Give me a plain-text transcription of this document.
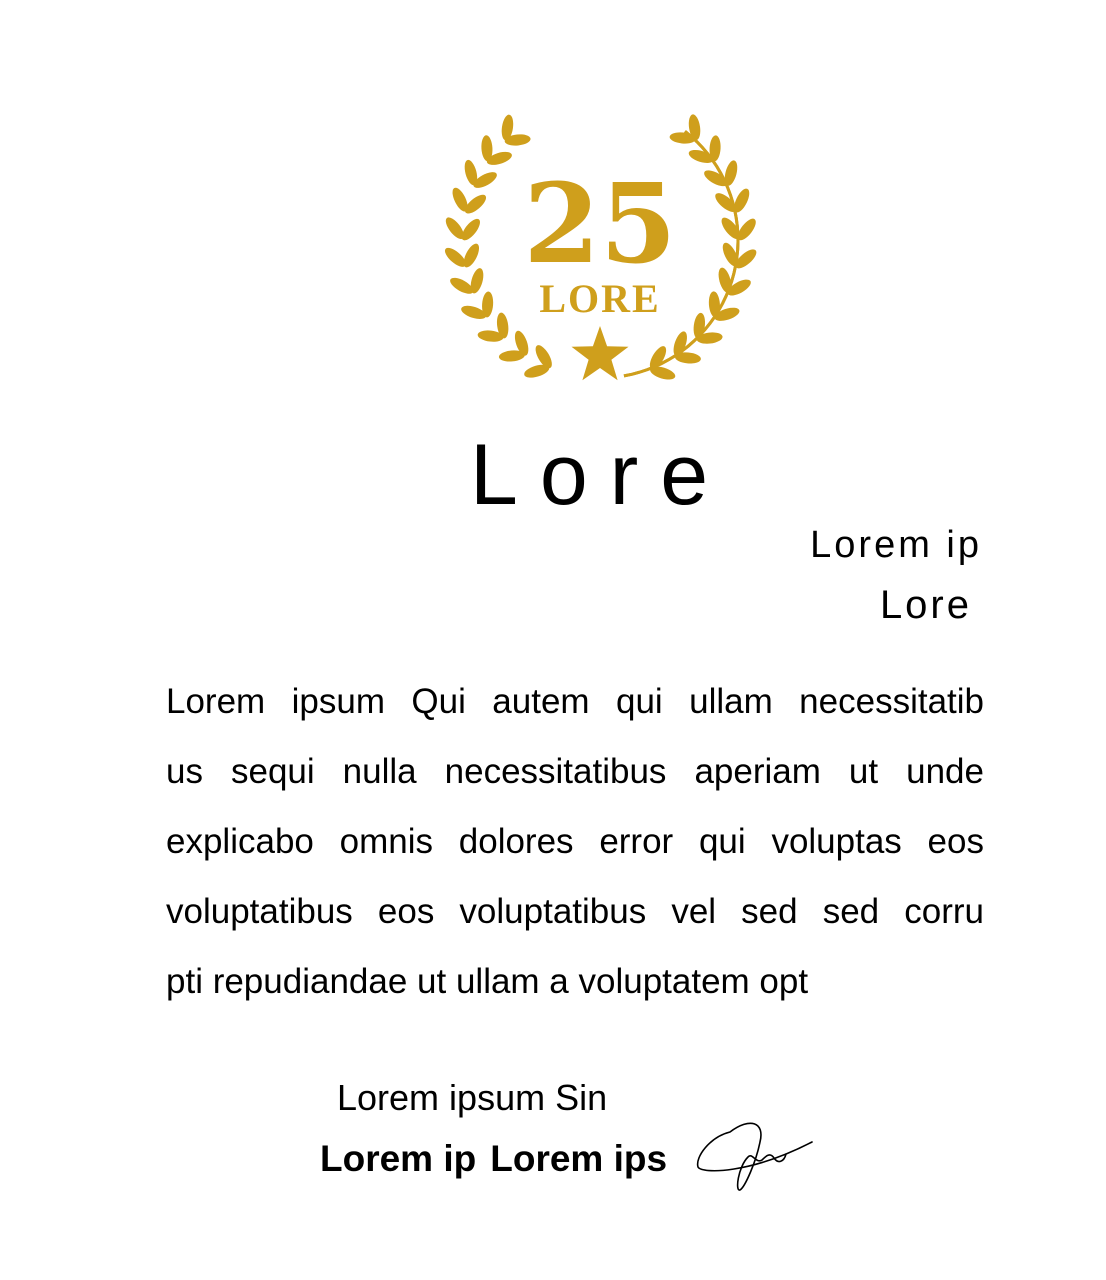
25
LORE
Lore
Lorem ip
Lore
Lorem ipsum Qui autem qui ullam necessitatib
us sequi nulla necessitatibus aperiam ut unde
explicabo omnis dolores error qui voluptas eos
voluptatibus eos voluptatibus vel sed sed corru
pti repudiandae ut ullam a voluptatem opt
Lorem ipsum Sin
Lorem ip Lorem ips
